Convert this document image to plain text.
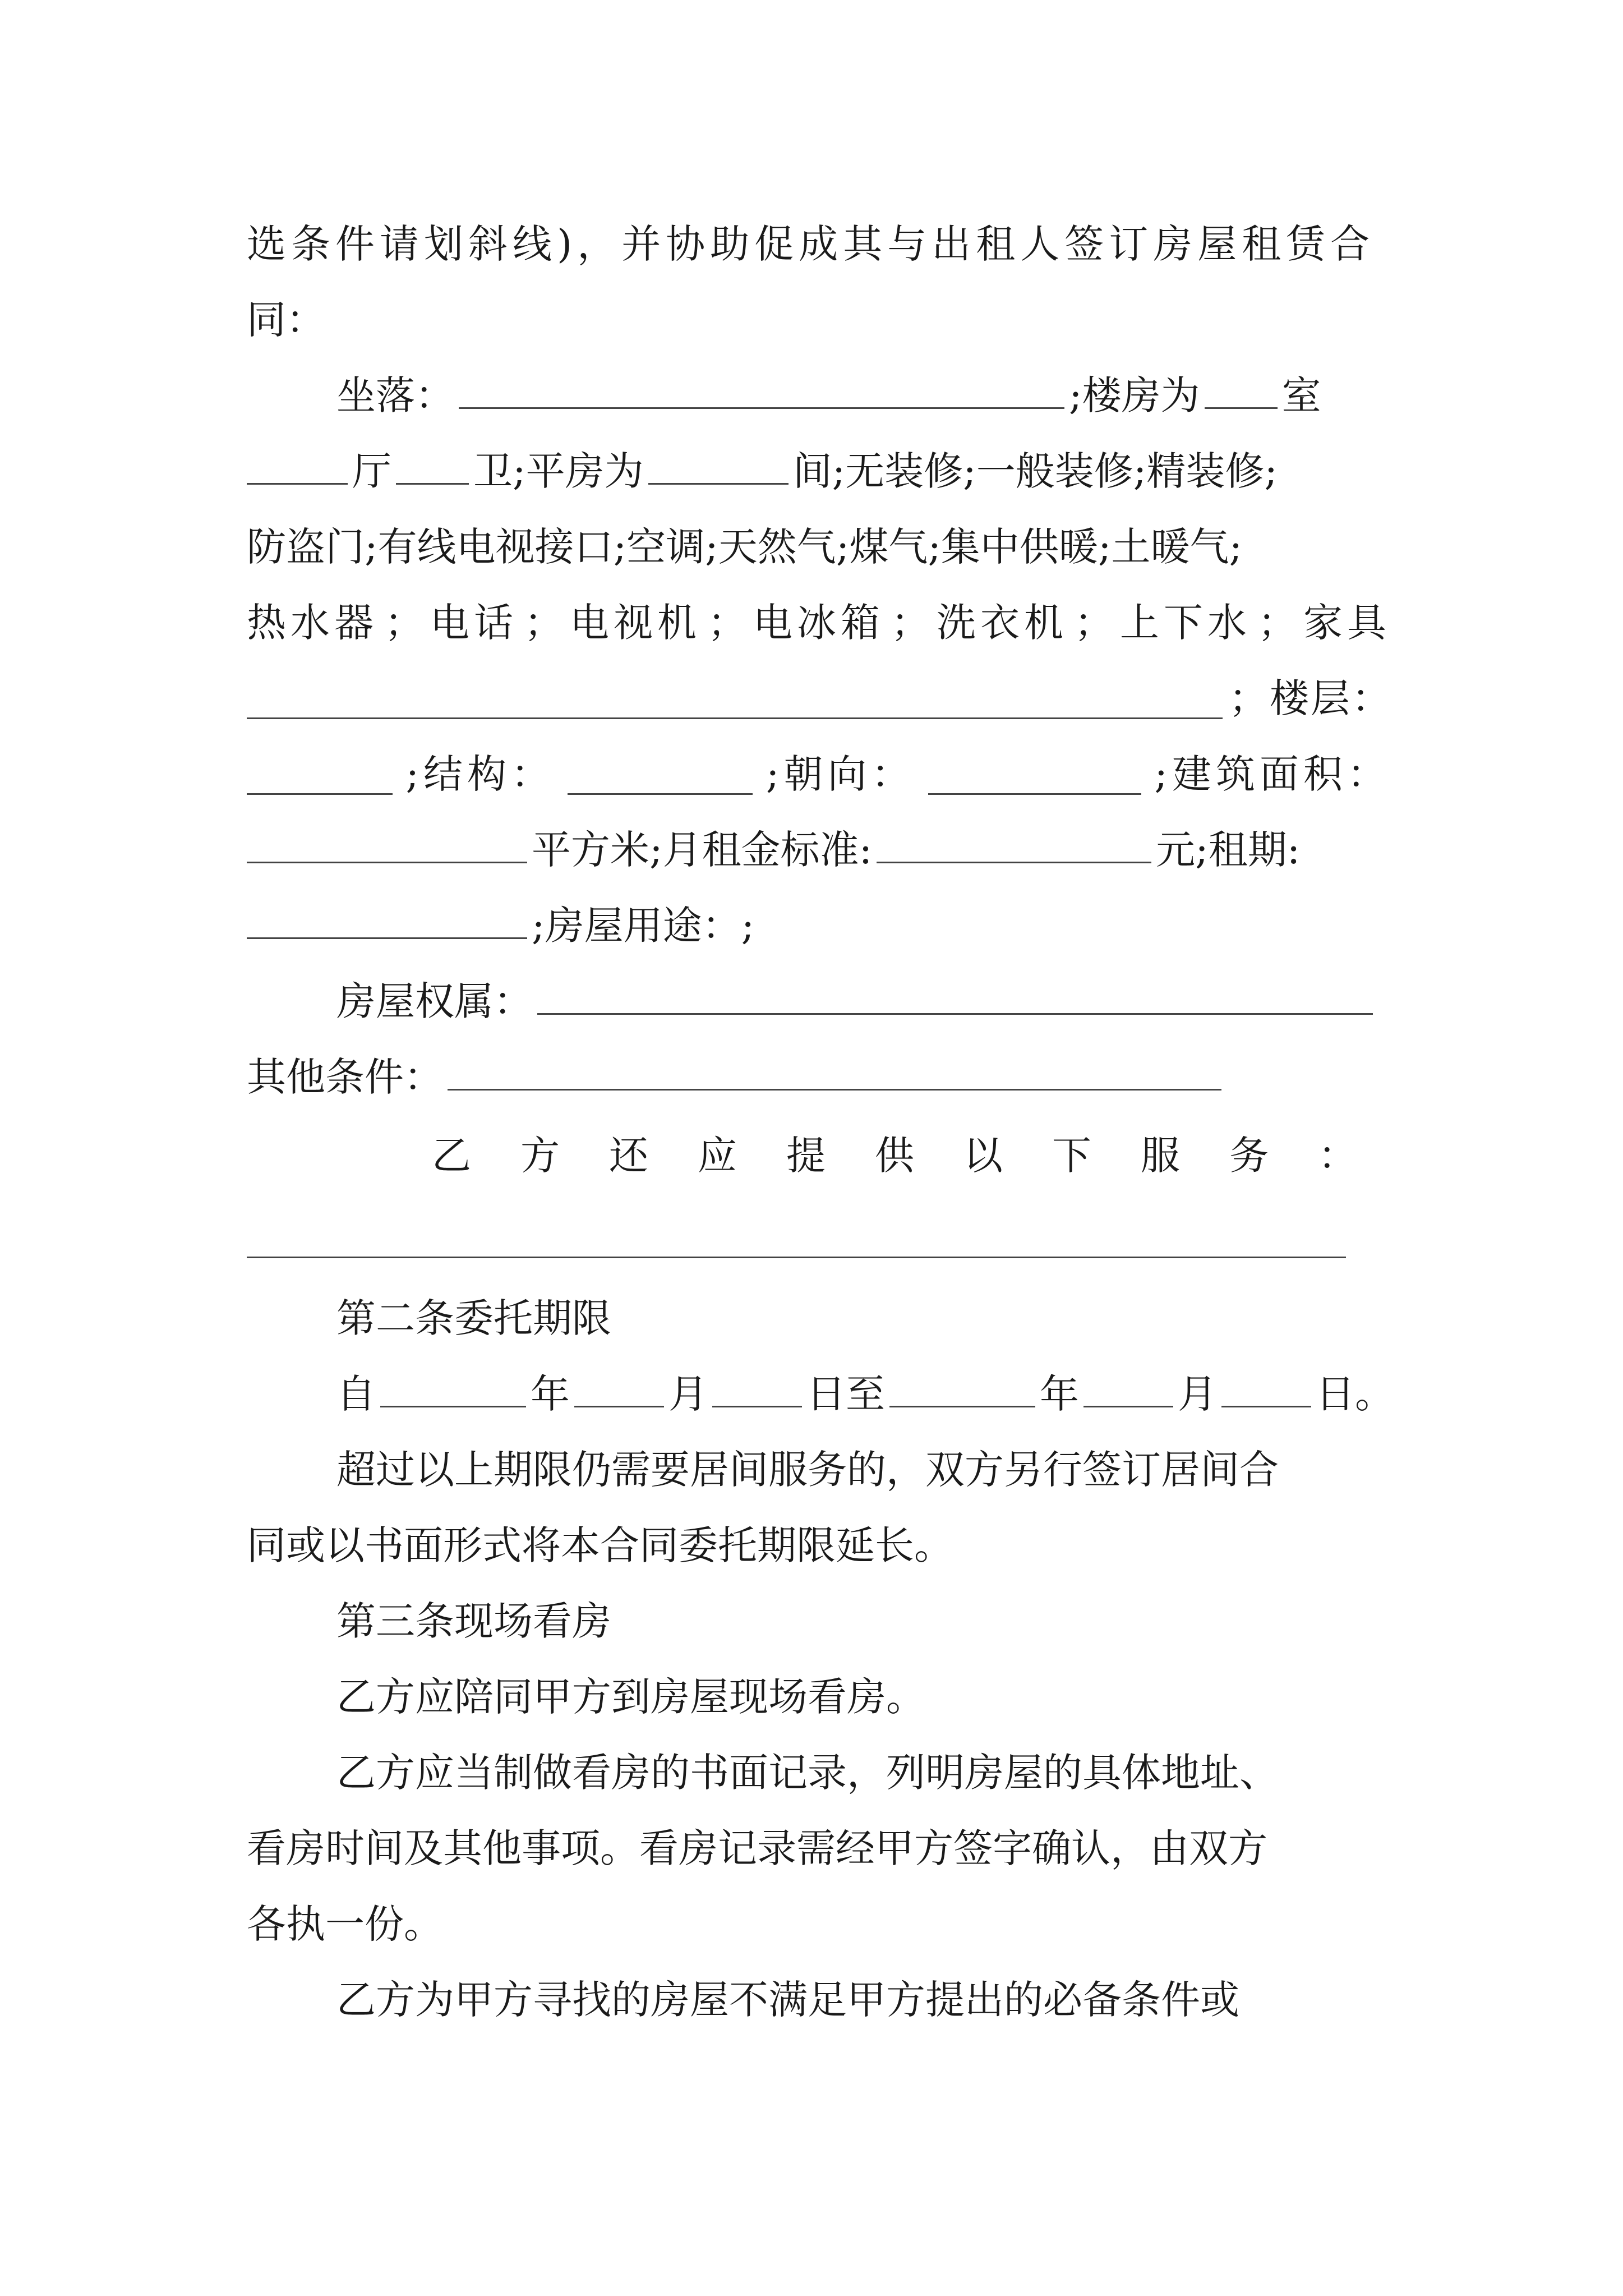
选条件请划斜线)，并协助促成其与出租人签订房屋租赁合
同：
坐落：	;楼房为 室
厅 卫;平房为	间;无装修;一般装修;精装修;
防盗门;有线电视接口;空调;天然气;煤气;集中供暖;土暖气;
热水器 ； 电话 ； 电视机 ； 电冰箱 ； 洗衣机 ； 上下水 ； 家具
； 楼 层 ：
;结构：	;朝向：	;建筑面积：
平方米;月租金标准:	元;租期:
;房屋用途：;
房屋权属：
其他条件：
乙 方 还 应 提 供 以 下 服 务 ：
第二条委托期限
自	年	月	日至	年	月	日。
超过以上期限仍需要居间服务的，双方另行签订居间合
同或以书面形式将本合同委托期限延长。
第三条现场看房
乙方应陪同甲方到房屋现场看房。
乙方应当制做看房的书面记录，列明房屋的具体地址、
看房时间及其他事项。看房记录需经甲方签字确认，由双方
各执一份。
乙方为甲方寻找的房屋不满足甲方提出的必备条件或
